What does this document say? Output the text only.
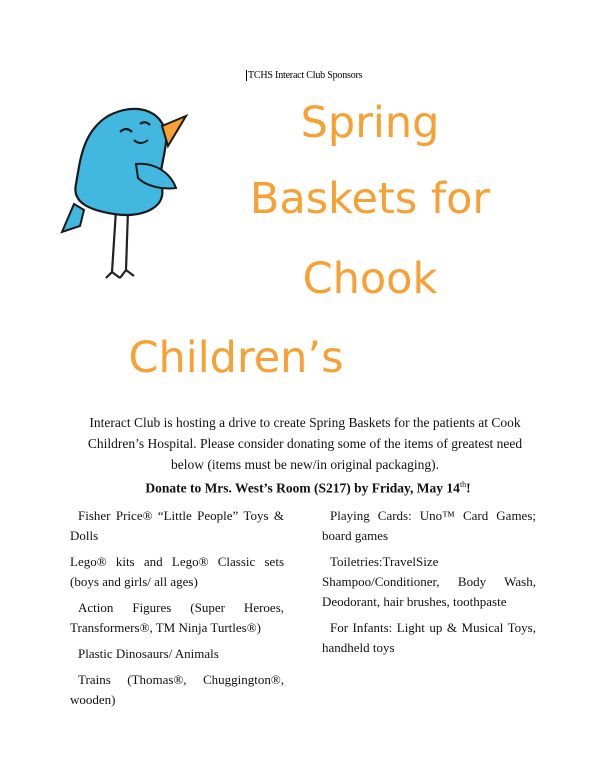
TCHS Interact Club Sponsors
Spring
Baskets for
Chook
Children’s
Interact Club is hosting a drive to create Spring Baskets for the patients at Cook Children’s Hospital. Please consider donating some of the items of greatest need below (items must be new/in original packaging).
Donate to Mrs. West’s Room (S217) by Friday, May 14th!
Fisher Price® “Little People” Toys & Dolls
Lego® kits and Lego® Classic sets (boys and girls/ all ages)
Action Figures (Super Heroes, Transformers®, TM Ninja Turtles®)
Plastic Dinosaurs/ Animals
Trains (Thomas®, Chuggington®, wooden)
Playing Cards: Uno™ Card Games; board games
Toiletries:TravelSize Shampoo/Conditioner, Body Wash, Deodorant, hair brushes, toothpaste
For Infants: Light up & Musical Toys, handheld toys
